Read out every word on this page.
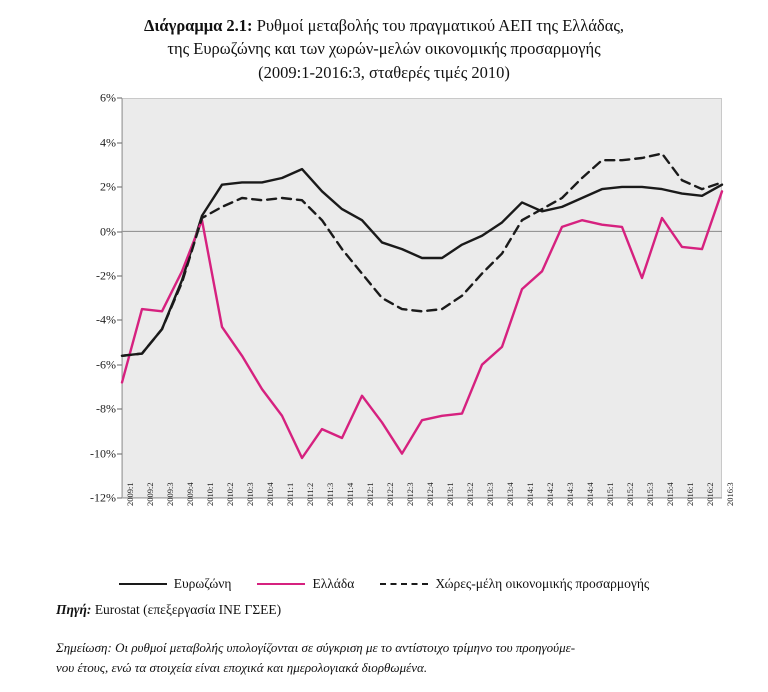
Διάγραμμα 2.1: Ρυθμοί μεταβολής του πραγματικού ΑΕΠ της Ελλάδας,
της Ευρωζώνης και των χωρών-μελών οικονομικής προσαρμογής
(2009:1-2016:3, σταθερές τιμές 2010)
6%
4%
2%
0%
-2%
-4%
-6%
-8%
-10%
-12% 2009:1 2009:2 2009:3 2009:4 2010:1 2010:2 2010:3 2010:4 2011:1 2011:2 2011:3 2011:4 2012:1 2012:2 2012:3 2012:4 2013:1 2013:2 2013:3 2013:4 2014:1 2014:2 2014:3 2014:4 2015:1 2015:2 2015:3 2015:4 2016:1 2016:2 2016:3
Ευρωζώνη	Ελλάδα	Χώρες-μέλη οικονομικής προσαρμογής
Πηγή: Eurostat (επεξεργασία ΙΝΕ ΓΣΕΕ)
Σημείωση: Οι ρυθμοί μεταβολής υπολογίζονται σε σύγκριση με το αντίστοιχο τρίμηνο του προηγούμε-
νου έτους, ενώ τα στοιχεία είναι εποχικά και ημερολογιακά διορθωμένα.
